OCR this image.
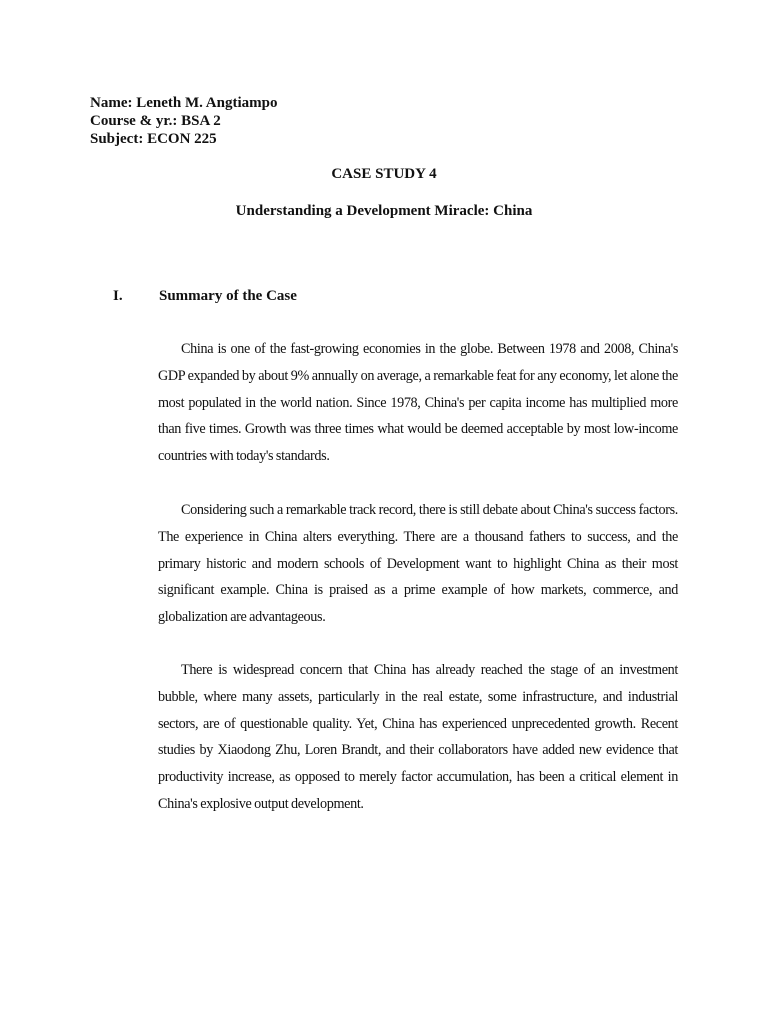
Name: Leneth M. Angtiampo
Course & yr.: BSA 2
Subject: ECON 225
CASE STUDY 4
Understanding a Development Miracle: China
I. Summary of the Case

China is one of the fast-growing economies in the globe. Between 1978 and 2008, China's GDP expanded by about 9% annually on average, a remarkable feat for any economy, let alone the most populated in the world nation. Since 1978, China's per capita income has multiplied more than five times. Growth was three times what would be deemed acceptable by most low-income countries with today's standards.

Considering such a remarkable track record, there is still debate about China's success factors. The experience in China alters everything. There are a thousand fathers to success, and the primary historic and modern schools of Development want to highlight China as their most significant example. China is praised as a prime example of how markets, commerce, and globalization are advantageous.

There is widespread concern that China has already reached the stage of an investment bubble, where many assets, particularly in the real estate, some infrastructure, and industrial sectors, are of questionable quality. Yet, China has experienced unprecedented growth. Recent studies by Xiaodong Zhu, Loren Brandt, and their collaborators have added new evidence that productivity increase, as opposed to merely factor accumulation, has been a critical element in China's explosive output development.
